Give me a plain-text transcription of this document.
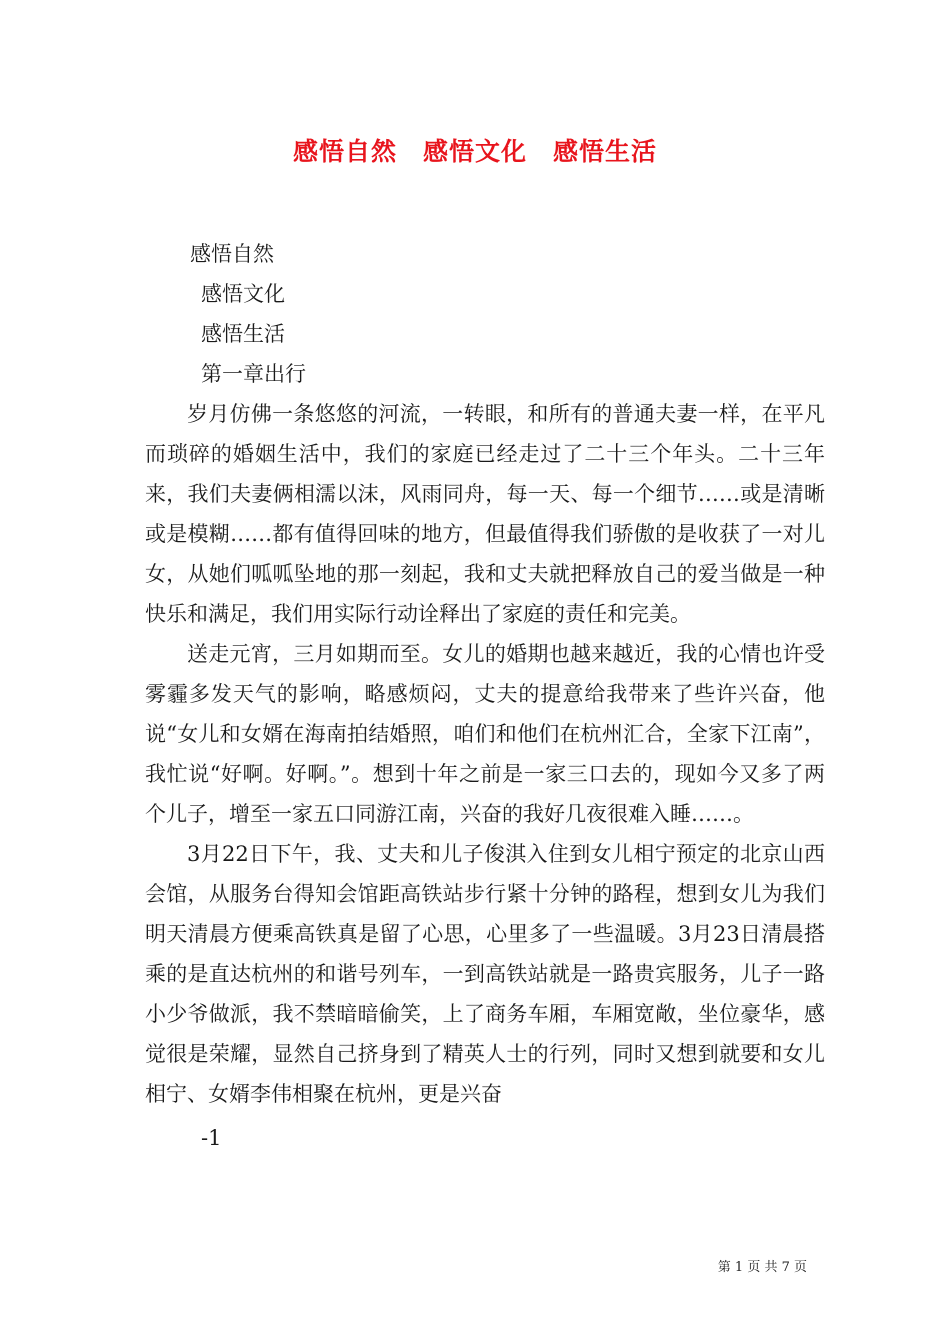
感悟自然　感悟文化　感悟生活
感悟自然
感悟文化
感悟生活
第一章出行
岁月仿佛一条悠悠的河流，一转眼，和所有的普通夫妻一样，在平凡而琐碎的婚姻生活中，我们的家庭已经走过了二十三个年头。二十三年来，我们夫妻俩相濡以沫，风雨同舟，每一天、每一个细节……或是清晰或是模糊……都有值得回味的地方，但最值得我们骄傲的是收获了一对儿女，从她们呱呱坠地的那一刻起，我和丈夫就把释放自己的爱当做是一种快乐和满足，我们用实际行动诠释出了家庭的责任和完美。
送走元宵，三月如期而至。女儿的婚期也越来越近，我的心情也许受雾霾多发天气的影响，略感烦闷，丈夫的提意给我带来了些许兴奋，他说“女儿和女婿在海南拍结婚照，咱们和他们在杭州汇合，全家下江南”，我忙说“好啊。好啊。”。想到十年之前是一家三口去的，现如今又多了两个儿子，增至一家五口同游江南，兴奋的我好几夜很难入睡……。
3月22日下午，我、丈夫和儿子俊淇入住到女儿相宁预定的北京山西会馆，从服务台得知会馆距高铁站步行紧十分钟的路程，想到女儿为我们明天清晨方便乘高铁真是留了心思，心里多了一些温暖。3月23日清晨搭乘的是直达杭州的和谐号列车，一到高铁站就是一路贵宾服务，儿子一路小少爷做派，我不禁暗暗偷笑，上了商务车厢，车厢宽敞，坐位豪华，感觉很是荣耀，显然自己挤身到了精英人士的行列，同时又想到就要和女儿相宁、女婿李伟相聚在杭州，更是兴奋
-1
第 1 页 共 7 页
